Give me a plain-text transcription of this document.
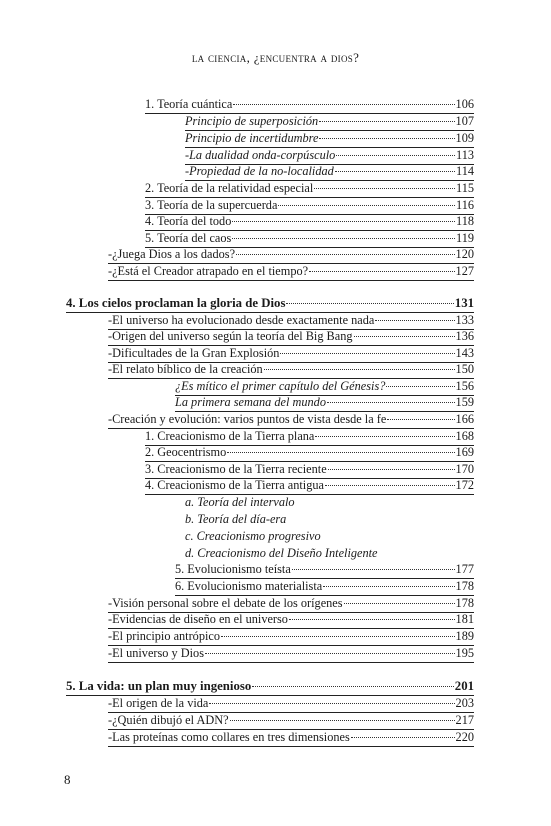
la ciencia, ¿encuentra a dios?
1. Teoría cuántica	106
Principio de superposición	107
Principio de incertidumbre	109
-La dualidad onda-corpúsculo	113
-Propiedad de la no-localidad	114
2. Teoría de la relatividad especial	115
3. Teoría de la supercuerda	116
4. Teoría del todo	118
5. Teoría del caos	119
-¿Juega Dios a los dados?	120
-¿Está el Creador atrapado en el tiempo?	127
4. Los cielos proclaman la gloria de Dios	131
-El universo ha evolucionado desde exactamente nada	133
-Origen del universo según la teoría del Big Bang	136
-Dificultades de la Gran Explosión	143
-El relato bíblico de la creación	150
¿Es mítico el primer capítulo del Génesis?	156
La primera semana del mundo	159
-Creación y evolución: varios puntos de vista desde la fe	166
1. Creacionismo de la Tierra plana	168
2. Geocentrismo	169
3. Creacionismo de la Tierra reciente	170
4. Creacionismo de la Tierra antigua	172
a. Teoría del intervalo
b. Teoría del día-era
c. Creacionismo progresivo
d. Creacionismo del Diseño Inteligente
5. Evolucionismo teísta	177
6. Evolucionismo materialista	178
-Visión personal sobre el debate de los orígenes	178
-Evidencias de diseño en el universo	181
-El principio antrópico	189
-El universo y Dios	195
5. La vida: un plan muy ingenioso	201
-El origen de la vida	203
-¿Quién dibujó el ADN?	217
-Las proteínas como collares en tres dimensiones	220
8
